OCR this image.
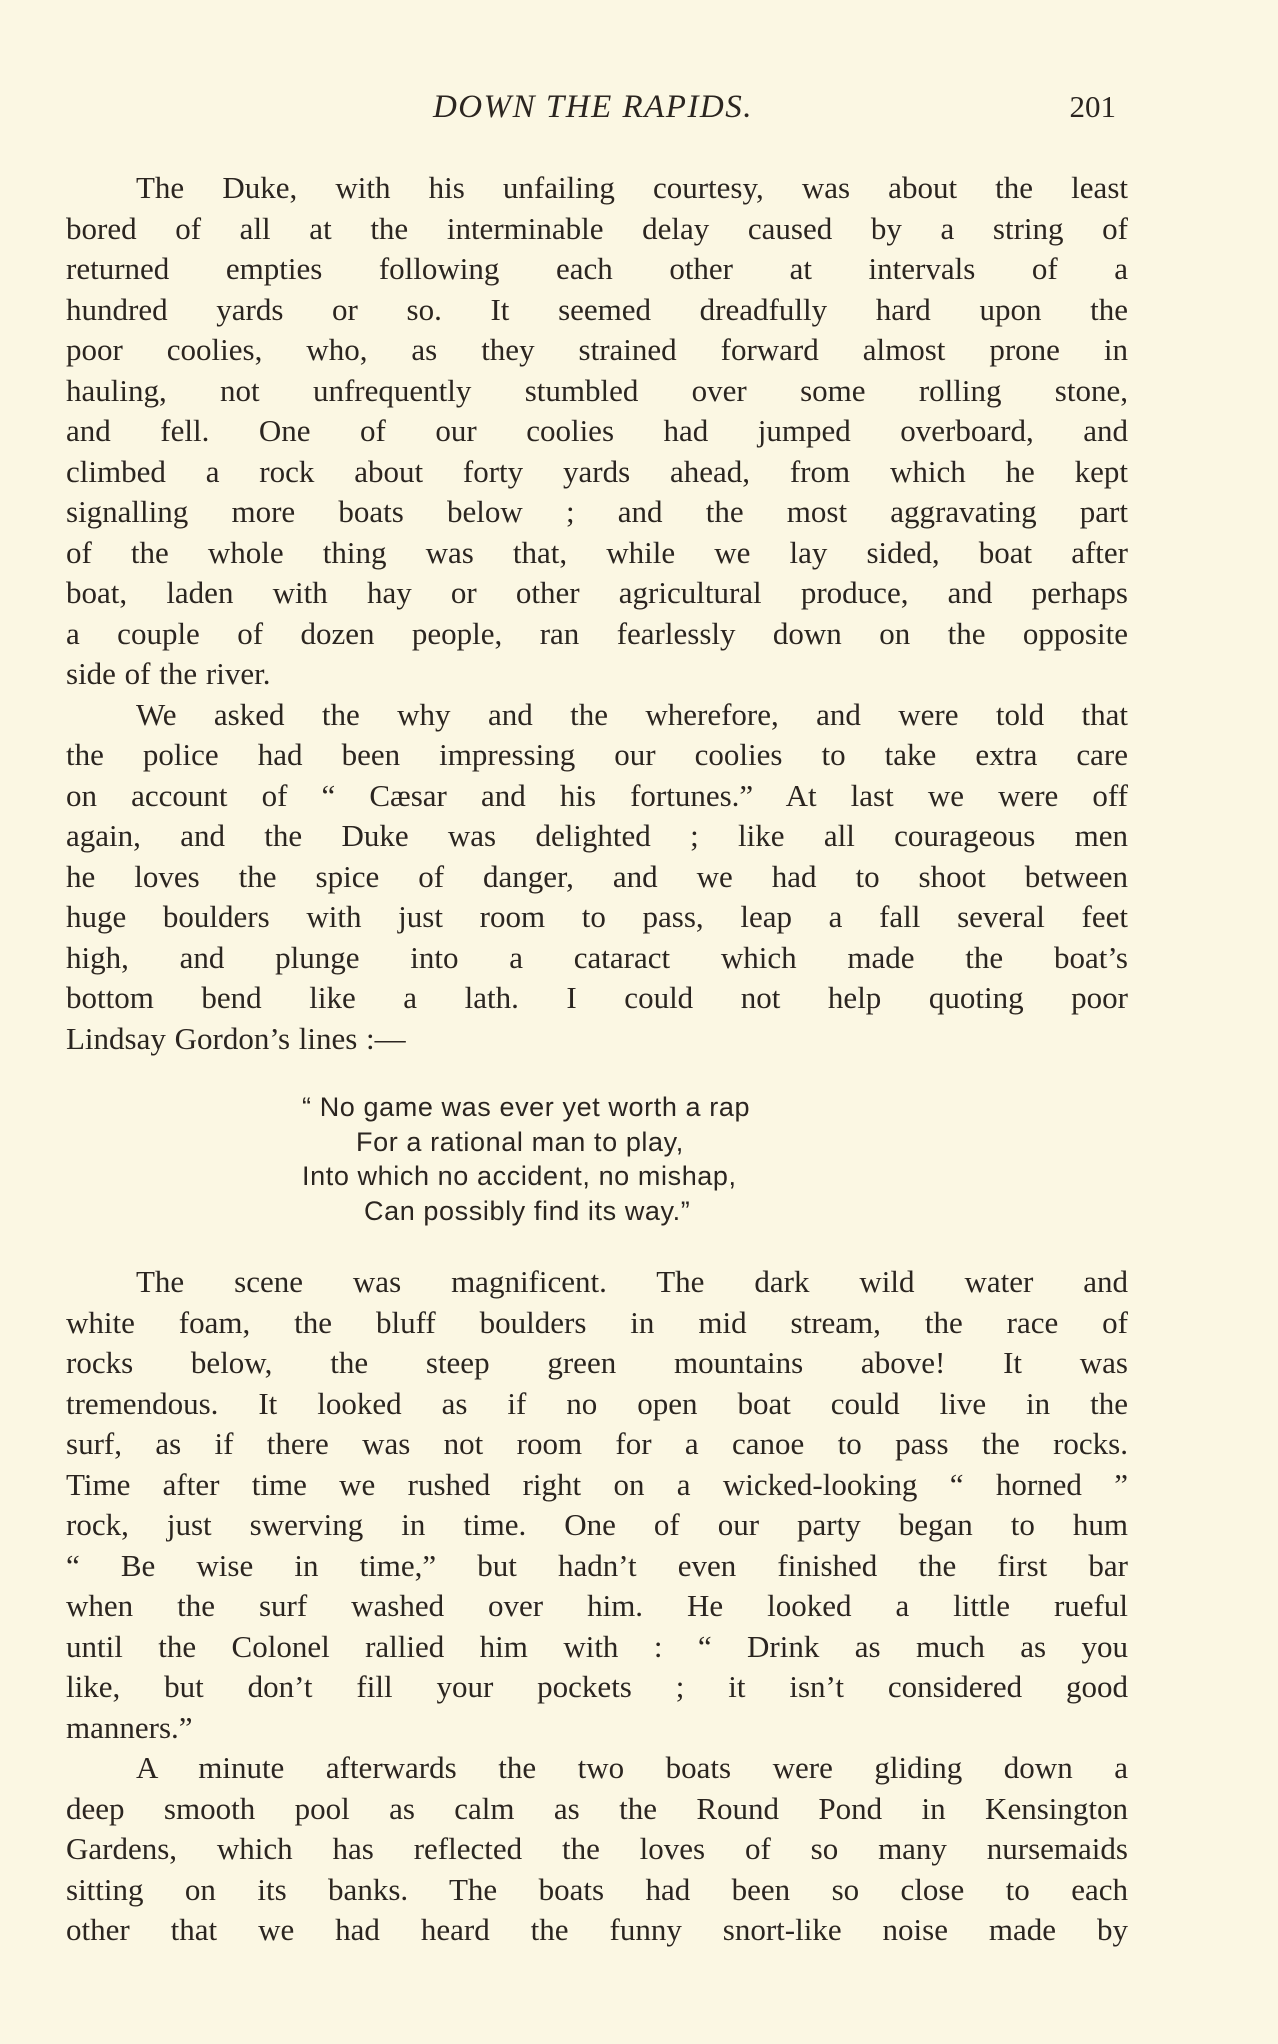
DOWN THE RAPIDS.	201
The Duke, with his unfailing courtesy, was about the least
bored of all at the interminable delay caused by a string of
returned empties following each other at intervals of a
hundred yards or so. It seemed dreadfully hard upon the
poor coolies, who, as they strained forward almost prone in
hauling, not unfrequently stumbled over some rolling stone,
and fell. One of our coolies had jumped overboard, and
climbed a rock about forty yards ahead, from which he kept
signalling more boats below ; and the most aggravating part
of the whole thing was that, while we lay sided, boat after
boat, laden with hay or other agricultural produce, and perhaps
a couple of dozen people, ran fearlessly down on the opposite
side of the river.
We asked the why and the wherefore, and were told that
the police had been impressing our coolies to take extra care
on account of “ Cæsar and his fortunes.” At last we were off
again, and the Duke was delighted ; like all courageous men
he loves the spice of danger, and we had to shoot between
huge boulders with just room to pass, leap a fall several feet
high, and plunge into a cataract which made the boat’s
bottom bend like a lath. I could not help quoting poor
Lindsay Gordon’s lines :—
“ No game was ever yet worth a rap
For a rational man to play,
Into which no accident, no mishap,
Can possibly find its way.”
The scene was magnificent. The dark wild water and
white foam, the bluff boulders in mid stream, the race of
rocks below, the steep green mountains above! It was
tremendous. It looked as if no open boat could live in the
surf, as if there was not room for a canoe to pass the rocks.
Time after time we rushed right on a wicked-looking “ horned ”
rock, just swerving in time. One of our party began to hum
“ Be wise in time,” but hadn’t even finished the first bar
when the surf washed over him. He looked a little rueful
until the Colonel rallied him with : “ Drink as much as you
like, but don’t fill your pockets ; it isn’t considered good
manners.”
A minute afterwards the two boats were gliding down a
deep smooth pool as calm as the Round Pond in Kensington
Gardens, which has reflected the loves of so many nursemaids
sitting on its banks. The boats had been so close to each
other that we had heard the funny snort-like noise made by
